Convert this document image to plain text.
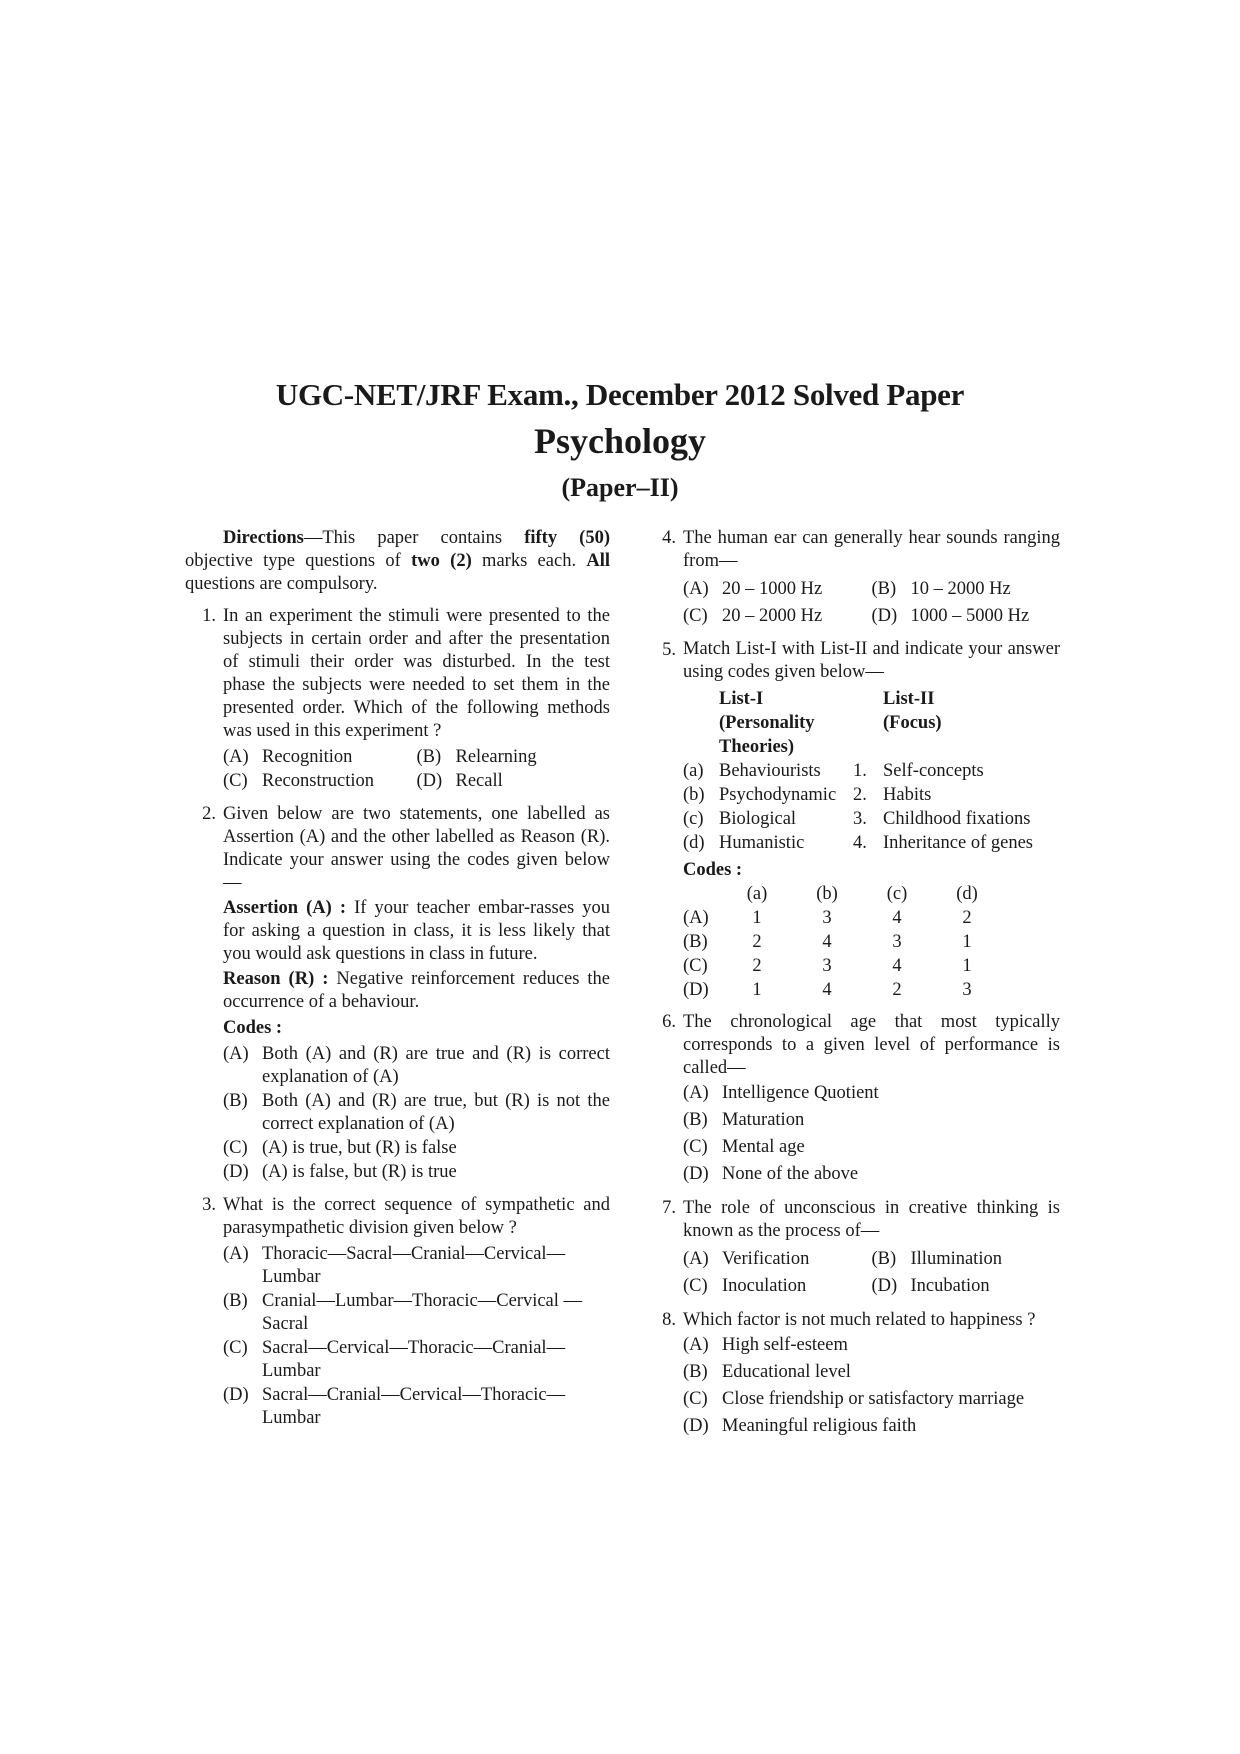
UGC-NET/JRF Exam., December 2012 Solved Paper
Psychology
(Paper–II)
Directions—This paper contains fifty (50) objective type questions of two (2) marks each. All questions are compulsory.
1. In an experiment the stimuli were presented to the subjects in certain order and after the presentation of stimuli their order was disturbed. In the test phase the subjects were needed to set them in the presented order. Which of the following methods was used in this experiment ?
(A) Recognition	(B) Relearning
(C) Reconstruction	(D) Recall
2. Given below are two statements, one labelled as Assertion (A) and the other labelled as Reason (R). Indicate your answer using the codes given below—
Assertion (A) : If your teacher embar-rasses you for asking a question in class, it is less likely that you would ask questions in class in future.
Reason (R) : Negative reinforcement reduces the occurrence of a behaviour.
Codes :
(A) Both (A) and (R) are true and (R) is correct explanation of (A)
(B) Both (A) and (R) are true, but (R) is not the correct explanation of (A)
(C) (A) is true, but (R) is false
(D) (A) is false, but (R) is true
3. What is the correct sequence of sympathetic and parasympathetic division given below ?
(A) Thoracic—Sacral—Cranial—Cervical—Lumbar
(B) Cranial—Lumbar—Thoracic—Cervical —Sacral
(C) Sacral—Cervical—Thoracic—Cranial—Lumbar
(D) Sacral—Cranial—Cervical—Thoracic—Lumbar
4. The human ear can generally hear sounds ranging from—
(A) 20 – 1000 Hz	(B) 10 – 2000 Hz
(C) 20 – 2000 Hz	(D) 1000 – 5000 Hz
5. Match List-I with List-II and indicate your answer using codes given below—
List-I	List-II
(Personality	(Focus)
Theories)
(a) Behaviourists	1. Self-concepts
(b) Psychodynamic 2. Habits
(c) Biological	3. Childhood fixations
(d) Humanistic	4. Inheritance of genes
Codes :
(a)	(b)	(c)	(d)
(A)	1	3	4	2
(B)	2	4	3	1
(C)	2	3	4	1
(D)	1	4	2	3
6. The chronological age that most typically corresponds to a given level of performance is called—
(A) Intelligence Quotient
(B) Maturation
(C) Mental age
(D) None of the above
7. The role of unconscious in creative thinking is known as the process of—
(A) Verification	(B) Illumination
(C) Inoculation	(D) Incubation
8. Which factor is not much related to happiness ?
(A) High self-esteem
(B) Educational level
(C) Close friendship or satisfactory marriage
(D) Meaningful religious faith
